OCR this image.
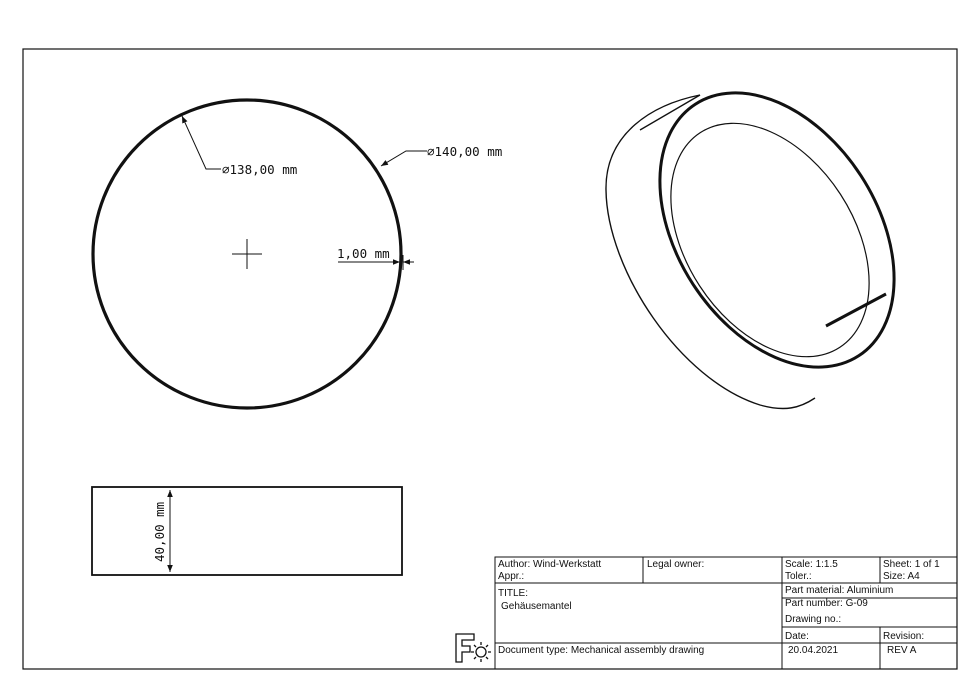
⌀138,00 mm
⌀140,00 mm
1,00 mm
40,00 mm
Author: Wind-Werkstatt
Appr.:
Legal owner:	Scale: 1:1.5
Toler.:
Sheet: 1 of 1
Size: A4
TITLE:
Gehäusemantel
Part material: Aluminium
Part number: G-09
Drawing no.:
Date:
20.04.2021
Revision:
REV A
Document type: Mechanical assembly drawing
